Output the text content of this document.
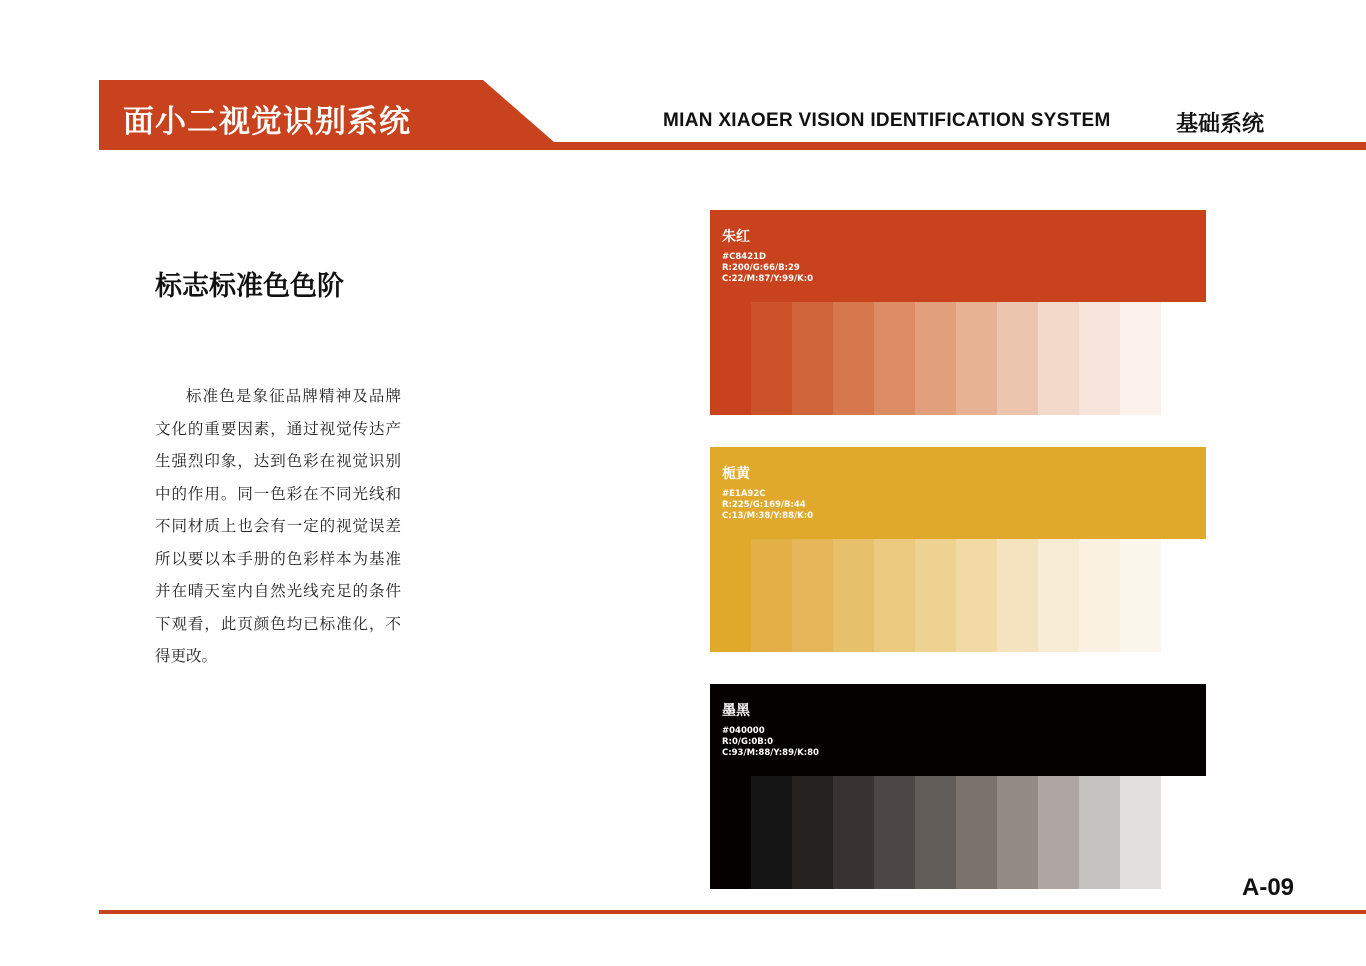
面小二视觉识别系统	MIAN XIAOER VISION IDENTIFICATION SYSTEM	基础系统
标志标准色色阶
标准色是象征品牌精神及品牌文化的重要因素，通过视觉传达产生强烈印象，达到色彩在视觉识别中的作用。同一色彩在不同光线和不同材质上也会有一定的视觉误差所以要以本手册的色彩样本为基准并在晴天室内自然光线充足的条件下观看，此页颜色均已标准化，不得更改。
朱红
#C8421D
R:200/G:66/B:29
C:22/M:87/Y:99/K:0
栀黄
#E1A92C
R:225/G:169/B:44
C:13/M:38/Y:88/K:0
墨黑
#040000
R:0/G:0B:0
C:93/M:88/Y:89/K:80
A-09
